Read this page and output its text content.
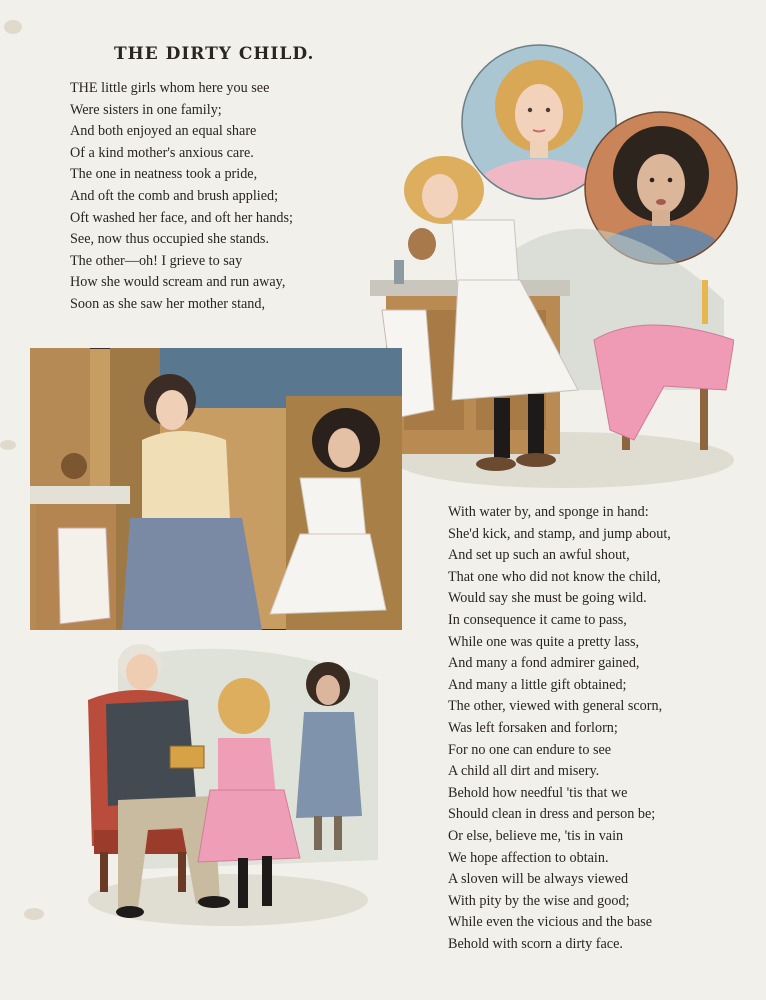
THE DIRTY CHILD.
THE little girls whom here you see
Were sisters in one family;
And both enjoyed an equal share
Of a kind mother's anxious care.
The one in neatness took a pride,
And oft the comb and brush applied;
Oft washed her face, and oft her hands;
See, now thus occupied she stands.
The other—oh! I grieve to say
How she would scream and run away,
Soon as she saw her mother stand,
With water by, and sponge in hand:
She'd kick, and stamp, and jump about,
And set up such an awful shout,
That one who did not know the child,
Would say she must be going wild.
In consequence it came to pass,
While one was quite a pretty lass,
And many a fond admirer gained,
And many a little gift obtained;
The other, viewed with general scorn,
Was left forsaken and forlorn;
For no one can endure to see
A child all dirt and misery.
Behold how needful 'tis that we
Should clean in dress and person be;
Or else, believe me, 'tis in vain
We hope affection to obtain.
A sloven will be always viewed
With pity by the wise and good;
While even the vicious and the base
Behold with scorn a dirty face.
